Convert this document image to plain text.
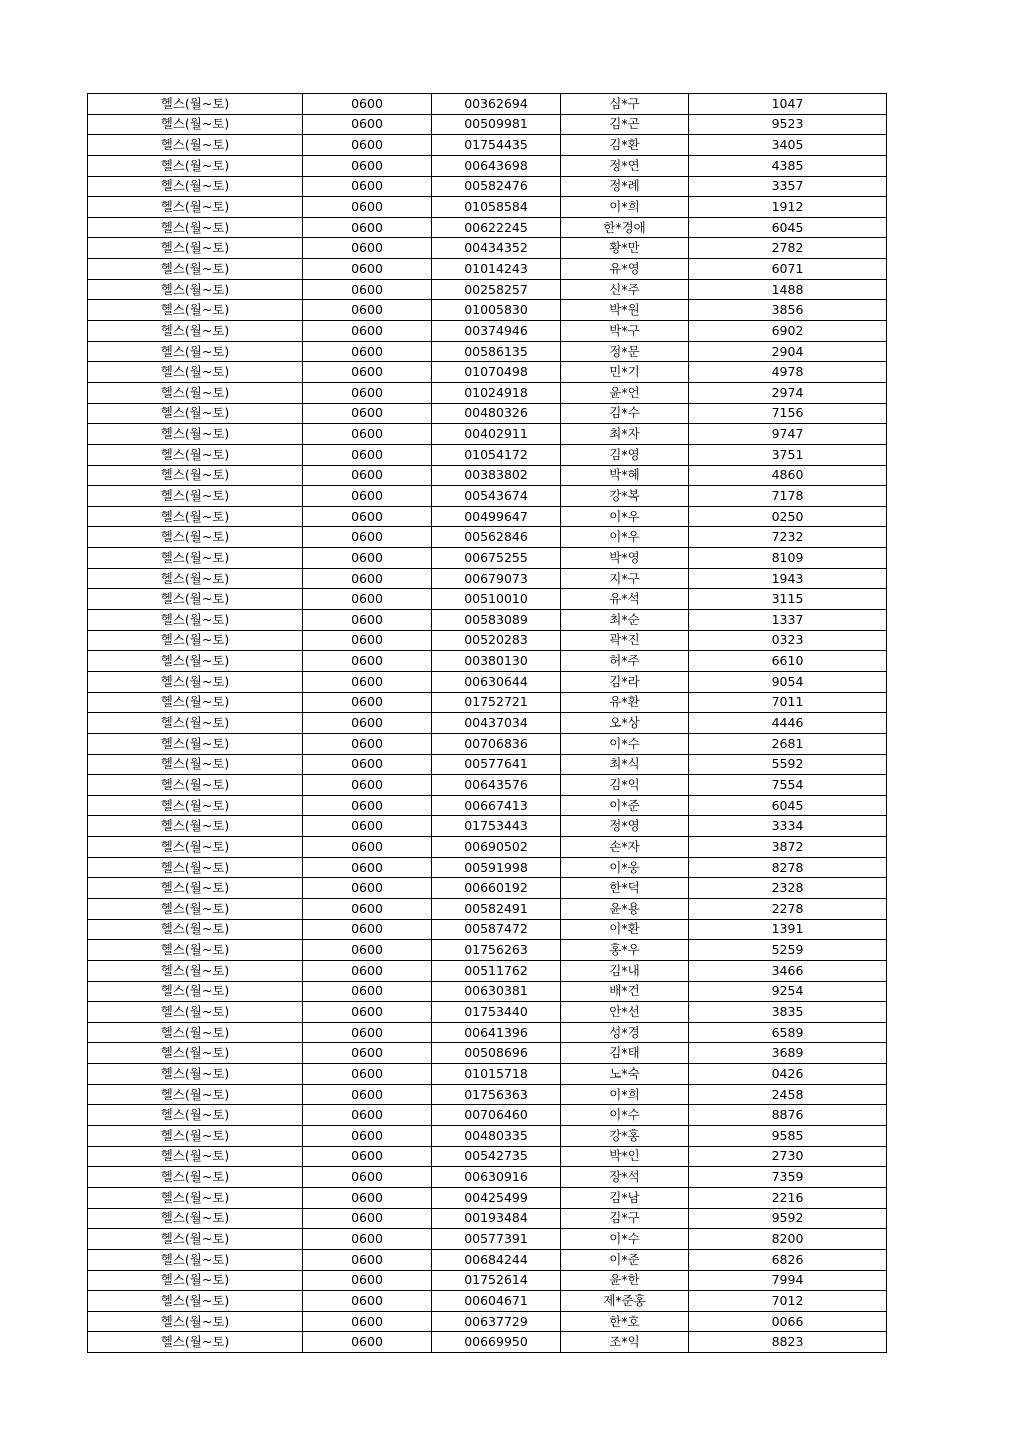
헬스(월~토)	0600	00362694	심*구	1047
헬스(월~토)	0600	00509981	김*곤	9523
헬스(월~토)	0600	01754435	김*환	3405
헬스(월~토)	0600	00643698	정*연	4385
헬스(월~토)	0600	00582476	정*례	3357
헬스(월~토)	0600	01058584	이*희	1912
헬스(월~토)	0600	00622245	한*경애	6045
헬스(월~토)	0600	00434352	황*만	2782
헬스(월~토)	0600	01014243	유*영	6071
헬스(월~토)	0600	00258257	신*주	1488
헬스(월~토)	0600	01005830	박*원	3856
헬스(월~토)	0600	00374946	박*구	6902
헬스(월~토)	0600	00586135	정*문	2904
헬스(월~토)	0600	01070498	민*기	4978
헬스(월~토)	0600	01024918	윤*언	2974
헬스(월~토)	0600	00480326	김*수	7156
헬스(월~토)	0600	00402911	최*자	9747
헬스(월~토)	0600	01054172	김*영	3751
헬스(월~토)	0600	00383802	박*혜	4860
헬스(월~토)	0600	00543674	강*복	7178
헬스(월~토)	0600	00499647	이*우	0250
헬스(월~토)	0600	00562846	이*우	7232
헬스(월~토)	0600	00675255	박*영	8109
헬스(월~토)	0600	00679073	지*구	1943
헬스(월~토)	0600	00510010	유*석	3115
헬스(월~토)	0600	00583089	최*순	1337
헬스(월~토)	0600	00520283	곽*진	0323
헬스(월~토)	0600	00380130	허*주	6610
헬스(월~토)	0600	00630644	김*라	9054
헬스(월~토)	0600	01752721	유*환	7011
헬스(월~토)	0600	00437034	오*상	4446
헬스(월~토)	0600	00706836	이*수	2681
헬스(월~토)	0600	00577641	최*식	5592
헬스(월~토)	0600	00643576	김*익	7554
헬스(월~토)	0600	00667413	이*준	6045
헬스(월~토)	0600	01753443	정*영	3334
헬스(월~토)	0600	00690502	손*자	3872
헬스(월~토)	0600	00591998	이*웅	8278
헬스(월~토)	0600	00660192	한*덕	2328
헬스(월~토)	0600	00582491	윤*용	2278
헬스(월~토)	0600	00587472	이*환	1391
헬스(월~토)	0600	01756263	홍*우	5259
헬스(월~토)	0600	00511762	김*내	3466
헬스(월~토)	0600	00630381	배*건	9254
헬스(월~토)	0600	01753440	안*선	3835
헬스(월~토)	0600	00641396	성*경	6589
헬스(월~토)	0600	00508696	김*태	3689
헬스(월~토)	0600	01015718	노*숙	0426
헬스(월~토)	0600	01756363	이*희	2458
헬스(월~토)	0600	00706460	이*수	8876
헬스(월~토)	0600	00480335	강*홍	9585
헬스(월~토)	0600	00542735	박*인	2730
헬스(월~토)	0600	00630916	장*석	7359
헬스(월~토)	0600	00425499	김*남	2216
헬스(월~토)	0600	00193484	김*구	9592
헬스(월~토)	0600	00577391	이*수	8200
헬스(월~토)	0600	00684244	이*준	6826
헬스(월~토)	0600	01752614	윤*한	7994
헬스(월~토)	0600	00604671	제*준홍	7012
헬스(월~토)	0600	00637729	한*호	0066
헬스(월~토)	0600	00669950	조*익	8823
